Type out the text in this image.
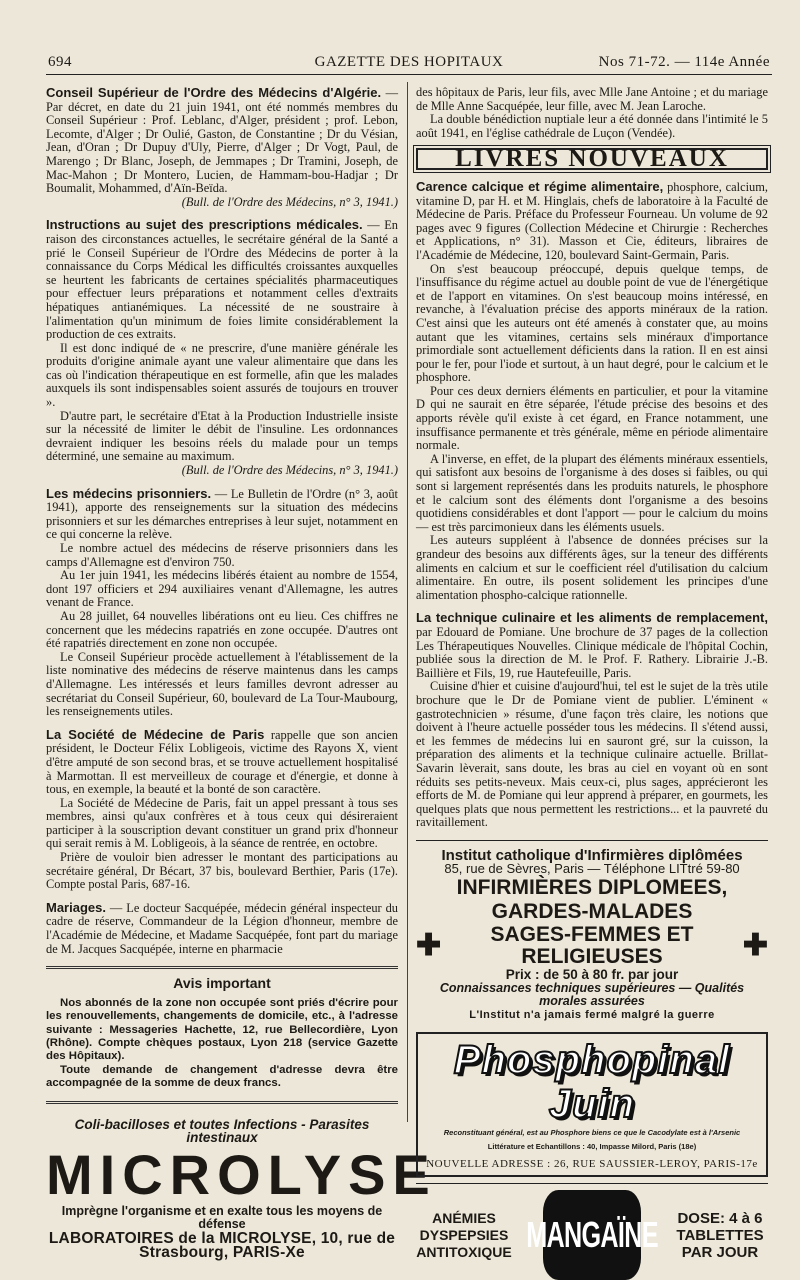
694	GAZETTE DES HOPITAUX	Nos 71-72. — 114e Année

Conseil Supérieur de l'Ordre des Médecins d'Algérie. — Par décret, en date du 21 juin 1941, ont été nommés membres du Conseil Supérieur : Prof. Leblanc, d'Alger, président ; prof. Lebon, Lecomte, d'Alger ; Dr Oulié, Gaston, de Constantine ; Dr du Vésian, Jean, d'Oran ; Dr Dupuy d'Uly, Pierre, d'Alger ; Dr Vogt, Paul, de Marengo ; Dr Blanc, Joseph, de Jemmapes ; Dr Tramini, Joseph, de Mac-Mahon ; Dr Montero, Lucien, de Hammam-bou-Hadjar ; Dr Boumalit, Mohammed, d'Aïn-Beïda.

(Bull. de l'Ordre des Médecins, n° 3, 1941.)

Instructions au sujet des prescriptions médicales. — En raison des circonstances actuelles, le secrétaire général de la Santé a prié le Conseil Supérieur de l'Ordre des Médecins de porter à la connaissance du Corps Médical les difficultés croissantes auxquelles se heurtent les fabricants de certaines spécialités pharmaceutiques pour effectuer leurs préparations et notamment celles d'extraits hépatiques antianémiques. La nécessité de ne soustraire à l'alimentation qu'un minimum de foies limite considérablement la production de ces extraits.

Il est donc indiqué de « ne prescrire, d'une manière générale les produits d'origine animale ayant une valeur alimentaire que dans les cas où l'indication thérapeutique en est formelle, afin que les malades auxquels ils sont indispensables soient assurés de toujours en trouver ».

D'autre part, le secrétaire d'Etat à la Production Industrielle insiste sur la nécessité de limiter le débit de l'insuline. Les ordonnances devraient indiquer les besoins réels du malade pour un temps déterminé, une semaine au maximum.

(Bull. de l'Ordre des Médecins, n° 3, 1941.)

Les médecins prisonniers. — Le Bulletin de l'Ordre (n° 3, août 1941), apporte des renseignements sur la situation des médecins prisonniers et sur les démarches entreprises à leur sujet, notamment en ce qui concerne la relève.

Le nombre actuel des médecins de réserve prisonniers dans les camps d'Allemagne est d'environ 750.

Au 1er juin 1941, les médecins libérés étaient au nombre de 1554, dont 197 officiers et 294 auxiliaires venant d'Allemagne, les autres venant de France.

Au 28 juillet, 64 nouvelles libérations ont eu lieu. Ces chiffres ne concernent que les médecins rapatriés en zone occupée. D'autres ont été rapatriés directement en zone non occupée.

Le Conseil Supérieur procède actuellement à l'établissement de la liste nominative des médecins de réserve maintenus dans les camps d'Allemagne. Les intéressés et leurs familles devront adresser au secrétariat du Conseil Supérieur, 60, boulevard de La Tour-Maubourg, les renseignements utiles.

La Société de Médecine de Paris rappelle que son ancien président, le Docteur Félix Lobligeois, victime des Rayons X, vient d'être amputé de son second bras, et se trouve actuellement hospitalisé à Marmottan. Il est merveilleux de courage et d'énergie, et donne à tous, en exemple, la beauté et la bonté de son caractère.

La Société de Médecine de Paris, fait un appel pressant à tous ses membres, ainsi qu'aux confrères et à tous ceux qui désireraient participer à la souscription devant constituer un grand prix d'honneur qui serait remis à M. Lobligeois, à la séance de rentrée, en octobre.

Prière de vouloir bien adresser le montant des participations au secrétaire général, Dr Bécart, 37 bis, boulevard Berthier, Paris (17e). Compte postal Paris, 687-16.

Mariages. — Le docteur Sacquépée, médecin général inspecteur du cadre de réserve, Commandeur de la Légion d'honneur, membre de l'Académie de Médecine, et Madame Sacquépée, font part du mariage de M. Jacques Sacquépée, interne en pharmacie

Avis important

Nos abonnés de la zone non occupée sont priés d'écrire pour les renouvellements, changements de domicile, etc., à l'adresse suivante : Messageries Hachette, 12, rue Bellecordière, Lyon (Rhône). Compte chèques postaux, Lyon 218 (service Gazette des Hôpitaux).

Toute demande de changement d'adresse devra être accompagnée de la somme de deux francs.

Coli-bacilloses et toutes Infections - Parasites intestinaux
MICROLYSE
Imprègne l'organisme et en exalte tous les moyens de défense
LABORATOIRES de la MICROLYSE, 10, rue de Strasbourg, PARIS-Xe

des hôpitaux de Paris, leur fils, avec Mlle Jane Antoine ; et du mariage de Mlle Anne Sacquépée, leur fille, avec M. Jean Laroche.

La double bénédiction nuptiale leur a été donnée dans l'intimité le 5 août 1941, en l'église cathédrale de Luçon (Vendée).

LIVRES NOUVEAUX

Carence calcique et régime alimentaire, phosphore, calcium, vitamine D, par H. et M. Hinglais, chefs de laboratoire à la Faculté de Médecine de Paris. Préface du Professeur Fourneau. Un volume de 92 pages avec 9 figures (Collection Médecine et Chirurgie : Recherches et Applications, n° 31). Masson et Cie, éditeurs, libraires de l'Académie de Médecine, 120, boulevard Saint-Germain, Paris.

On s'est beaucoup préoccupé, depuis quelque temps, de l'insuffisance du régime actuel au double point de vue de l'énergétique et de l'apport en vitamines. On s'est beaucoup moins intéressé, en revanche, à l'évaluation précise des apports minéraux de la ration. C'est ainsi que les auteurs ont été amenés à constater que, au moins autant que les vitamines, certains sels minéraux d'importance primordiale sont actuellement déficients dans la ration. Il en est ainsi pour le fer, pour l'iode et surtout, à un haut degré, pour le calcium et le phosphore.

Pour ces deux derniers éléments en particulier, et pour la vitamine D qui ne saurait en être séparée, l'étude précise des besoins et des apports révèle qu'il existe à cet égard, en France notamment, une insuffisance permanente et très générale, même en période alimentaire normale.

A l'inverse, en effet, de la plupart des éléments minéraux essentiels, qui satisfont aux besoins de l'organisme à des doses si faibles, ou qui sont si largement représentés dans les produits naturels, le phosphore et le calcium sont des éléments dont l'organisme a des besoins quotidiens considérables et dont l'apport — pour le calcium du moins — est très parcimonieux dans les éléments usuels.

Les auteurs suppléent à l'absence de données précises sur la grandeur des besoins aux différents âges, sur la teneur des différents aliments en calcium et sur le coefficient réel d'utilisation du calcium alimentaire. En outre, ils posent solidement les principes d'une alimentation phospho-calcique rationnelle.

La technique culinaire et les aliments de remplacement, par Edouard de Pomiane. Une brochure de 37 pages de la collection Les Thérapeutiques Nouvelles. Clinique médicale de l'hôpital Cochin, publiée sous la direction de M. le Prof. F. Rathery. Librairie J.-B. Baillière et Fils, 19, rue Hautefeuille, Paris.

Cuisine d'hier et cuisine d'aujourd'hui, tel est le sujet de la très utile brochure que le Dr de Pomiane vient de publier. L'éminent « gastrotechnicien » résume, d'une façon très claire, les notions que doivent à l'heure actuelle posséder tous les médecins. Il s'étend aussi, et les femmes de médecins lui en sauront gré, sur la cuisson, la préparation des aliments et la technique culinaire actuelle. Brillat-Savarin lèverait, sans doute, les bras au ciel en voyant où en sont réduits ses petits-neveux. Mais ceux-ci, plus sages, apprécieront les efforts de M. de Pomiane qui leur apprend à préparer, en gourmets, les quelques plats que nous permettent les restrictions... et la pauvreté du ravitaillement.

Institut catholique d'Infirmières diplômées
85, rue de Sèvres, Paris — Téléphone LITtré 59-80
INFIRMIÈRES DIPLOMEES, GARDES-MALADES
✚	SAGES-FEMMES ET RELIGIEUSES	✚
Prix : de 50 à 80 fr. par jour
Connaissances techniques supérieures — Qualités morales assurées
L'Institut n'a jamais fermé malgré la guerre
Phosphopinal Juin
Reconstituant général, est au Phosphore biens ce que le Cacodylate est à l'Arsenic
Littérature et Echantillons : 40, Impasse Milord, Paris (18e)
NOUVELLE ADRESSE : 26, RUE SAUSSIER-LEROY, PARIS-17e
ANÉMIES
DYSPEPSIES
ANTITOXIQUE MANGAÏNE	DOSE: 4 à 6
TABLETTES
PAR JOUR
